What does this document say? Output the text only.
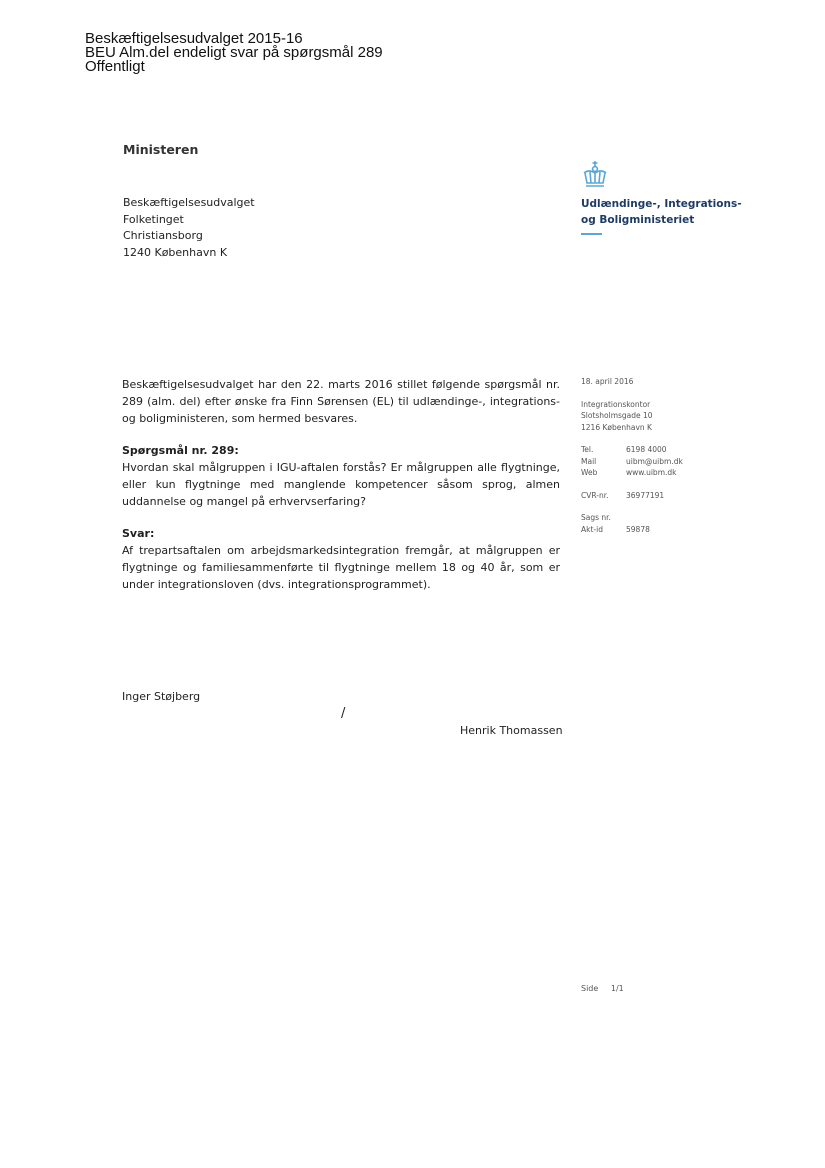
Beskæftigelsesudvalget 2015-16
BEU Alm.del endeligt svar på spørgsmål 289
Offentligt
Ministeren
Beskæftigelsesudvalget
Folketinget
Christiansborg
1240 København K
Udlændinge-, Integrations-
og Boligministeriet

Beskæftigelsesudvalget har den 22. marts 2016 stillet følgende spørgsmål nr. 289 (alm. del) efter ønske fra Finn Sørensen (EL) til udlændinge-, integrations- og boligministeren, som hermed besvares.

Spørgsmål nr. 289:

Hvordan skal målgruppen i IGU-aftalen forstås? Er målgruppen alle flygtninge, eller kun flygtninge med manglende kompetencer såsom sprog, almen uddannelse og mangel på erhvervserfaring?

Svar:

Af trepartsaftalen om arbejdsmarkedsintegration fremgår, at målgruppen er flygtninge og familiesammenførte til flygtninge mellem 18 og 40 år, som er under integrationsloven (dvs. integrationsprogrammet).

18. april 2016
Integrationskontor
Slotsholmsgade 10
1216 København K
Tel.	6198 4000
Mail	uibm@uibm.dk
Web	www.uibm.dk
CVR-nr.	36977191
Sags nr.
Akt-id	59878
Inger Støjberg
/
Henrik Thomassen
Side 1/1
